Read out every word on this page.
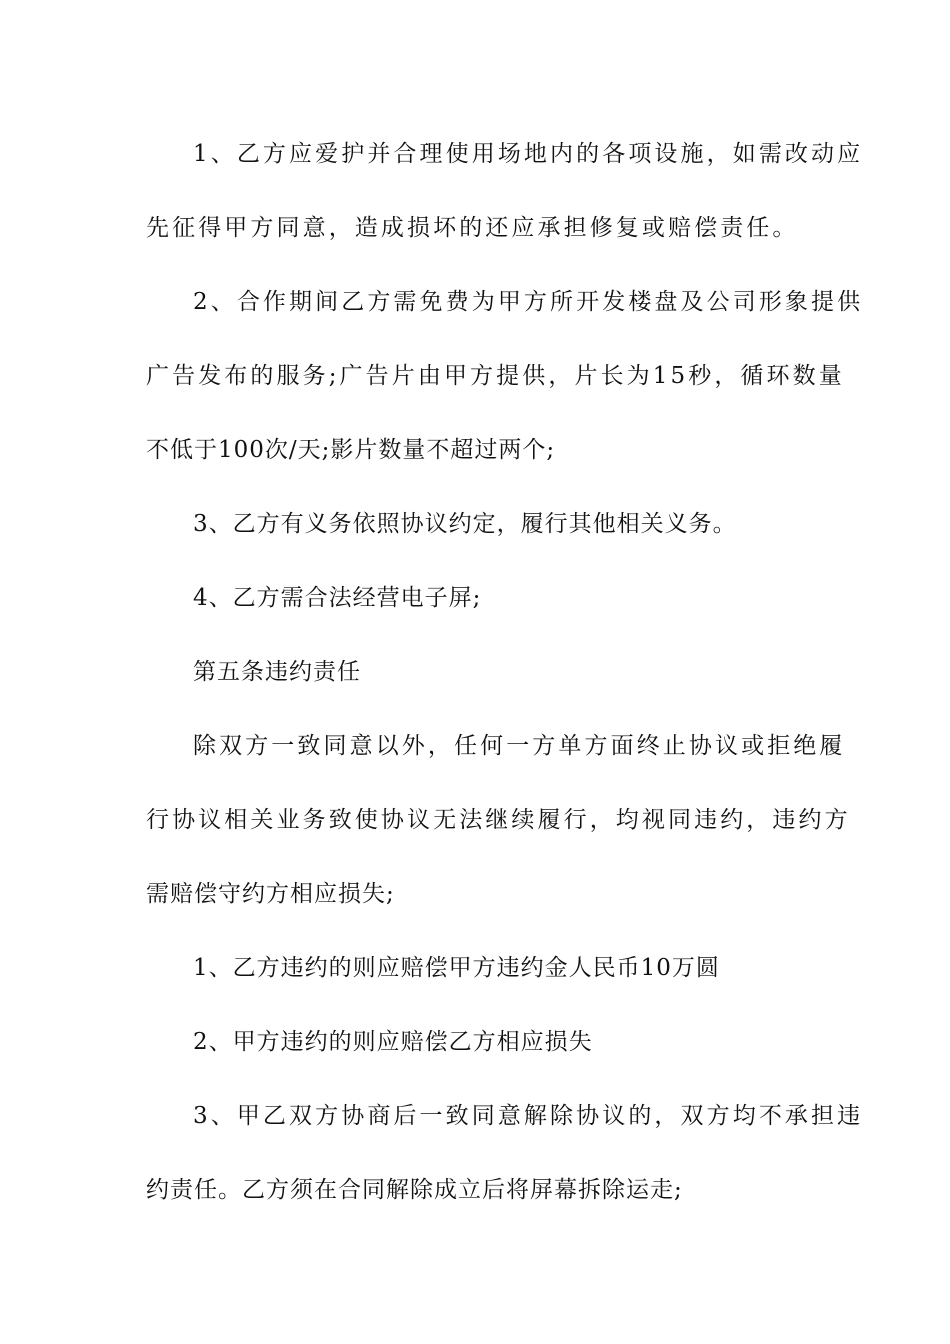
1、乙方应爱护并合理使用场地内的各项设施，如需改动应
先征得甲方同意，造成损坏的还应承担修复或赔偿责任。
2、合作期间乙方需免费为甲方所开发楼盘及公司形象提供
广告发布的服务;广告片由甲方提供，片长为15秒，循环数量
不低于100次/天;影片数量不超过两个;
3、乙方有义务依照协议约定，履行其他相关义务。
4、乙方需合法经营电子屏;
第五条违约责任
除双方一致同意以外，任何一方单方面终止协议或拒绝履
行协议相关业务致使协议无法继续履行，均视同违约，违约方
需赔偿守约方相应损失;
1、乙方违约的则应赔偿甲方违约金人民币10万圆
2、甲方违约的则应赔偿乙方相应损失
3、甲乙双方协商后一致同意解除协议的，双方均不承担违
约责任。乙方须在合同解除成立后将屏幕拆除运走;
